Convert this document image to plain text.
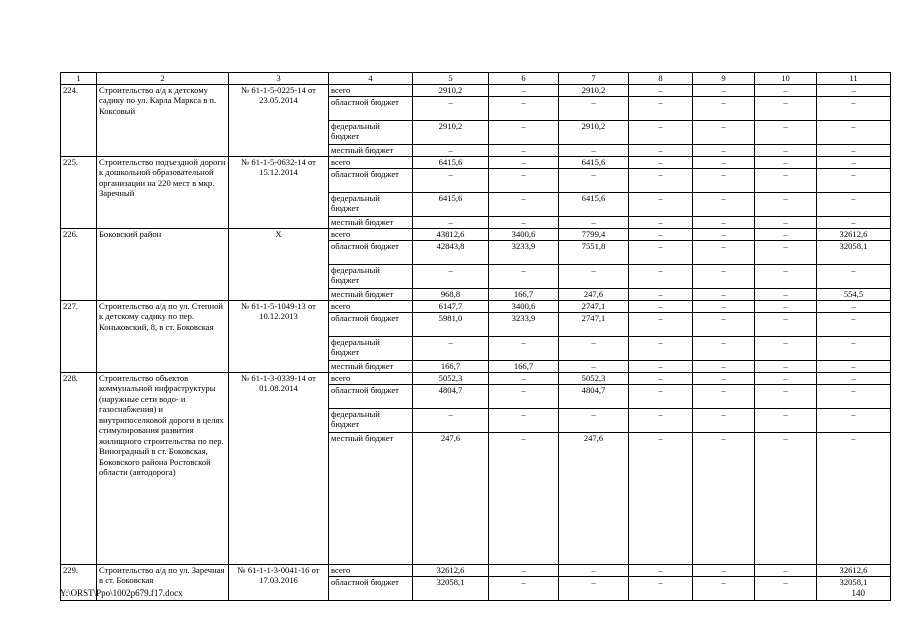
1	2	3	4	5	6	7	8	9	10	11
224.	Строительство а/д к детскому садику по ул. Карла Маркса в п. Коксовый	№ 61-1-5-0225-14 от 23.05.2014	всего	2910,2	–	2910,2	–	–	–	–
			областной бюджет	–	–	–	–	–	–	–
			федеральный бюджет	2910,2	–	2910,2	–	–	–	–
			местный бюджет	–	–	–	–	–	–	–
225.	Строительство подъездной дороги к дошкольной образовательной организации на 220 мест в мкр. Заречный	№ 61-1-5-0632-14 от 15.12.2014	всего	6415,6	–	6415,6	–	–	–	–
			областной бюджет	–	–	–	–	–	–	–
			федеральный бюджет	6415,6	–	6415,6	–	–	–	–
			местный бюджет	–	–	–	–	–	–	–
226.	Боковский район	Х	всего	43812,6	3400,6	7799,4	–	–	–	32612,6
			областной бюджет	42843,8	3233,9	7551,8	–	–	–	32058,1
			федеральный бюджет	–	–	–	–	–	–	–
			местный бюджет	968,8	166,7	247,6	–	–	–	554,5
227.	Строительство а/д по ул. Степной к детскому садику по пер. Коньковский, 8, в ст. Боковская	№ 61-1-5-1049-13 от 10.12.2013	всего	6147,7	3400,6	2747,1	–	–	–	–
			областной бюджет	5981,0	3233,9	2747,1	–	–	–	–
			федеральный бюджет	–	–	–	–	–	–	–
			местный бюджет	166,7	166,7	–	–	–	–	–
228.	Строительство объектов коммунальной инфраструктуры (наружные сети водо- и газоснабжения) и внутрипоселковой дороги в целях стимулирования развития жилищного строительства по пер. Виноградный в ст. Боковская, Боковского района Ростовской области (автодорога)	№ 61-1-3-0339-14 от 01.08.2014	всего	5052,3	–	5052,3	–	–	–	–
			областной бюджет	4804,7	–	4804,7	–	–	–	–
			федеральный бюджет	–	–	–	–	–	–	–
			местный бюджет	247,6	–	247,6	–	–	–	–
229.	Строительство а/д по ул. Заречная в ст. Боковская	№ 61-1-1-3-0041-16 от 17.03.2016	всего	32612,6	–	–	–	–	–	32612,6
			областной бюджет	32058,1	–	–	–	–	–	32058,1
Y:\ORST\Ppo\1002p679.f17.docx	140
